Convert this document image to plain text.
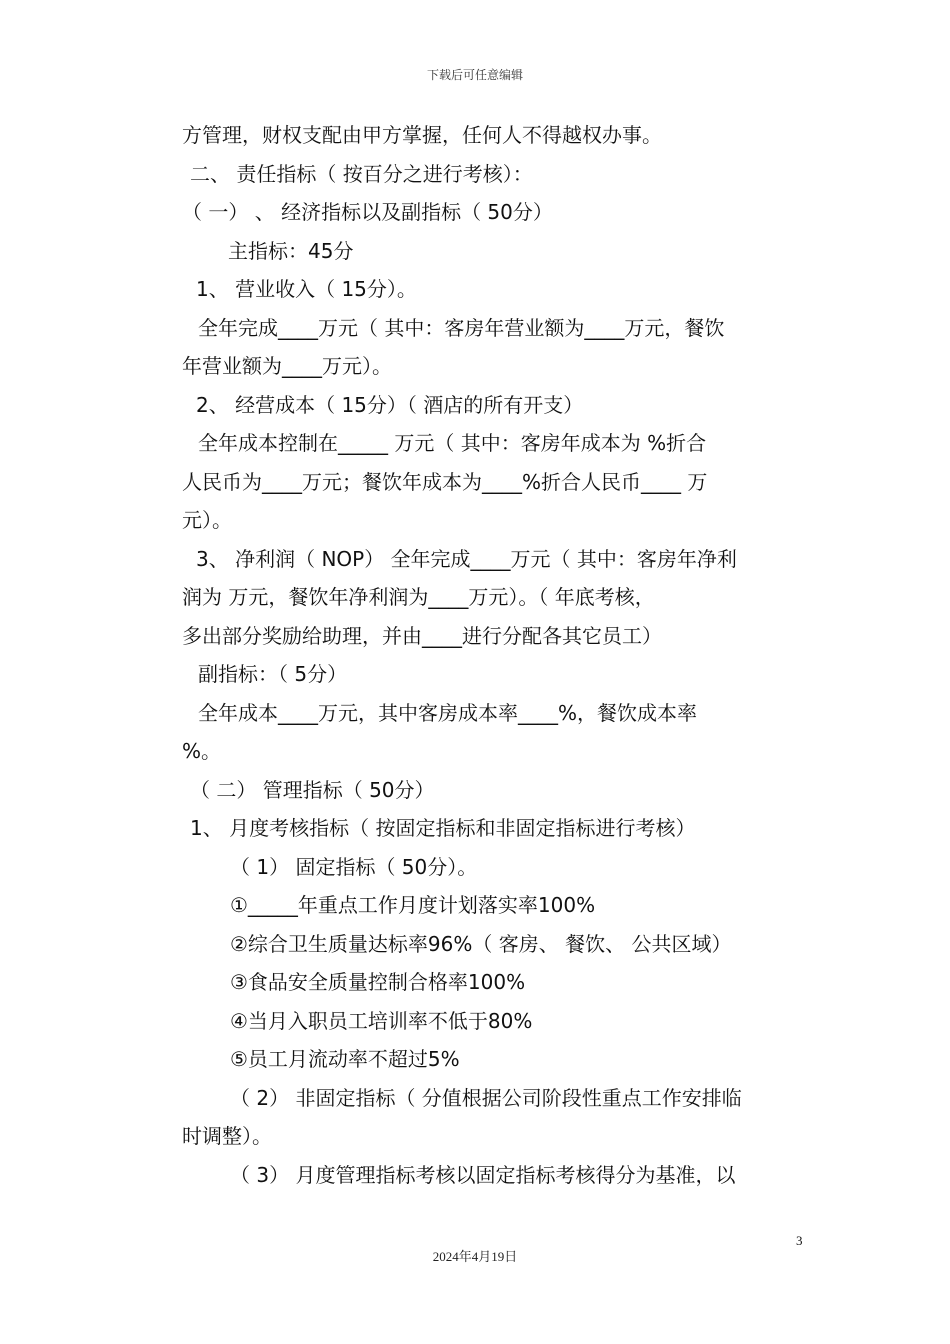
下载后可任意编辑
方管理，财权支配由甲方掌握，任何人不得越权办事。
二、 责任指标（ 按百分之进行考核）：
（ 一） 、 经济指标以及副指标（ 50分）
主指标：45分
1、 营业收入（ 15分）。
全年完成____万元（ 其中：客房年营业额为____万元，餐饮
年营业额为____万元）。
2、 经营成本（ 15分）（ 酒店的所有开支）
全年成本控制在_____ 万元（ 其中：客房年成本为 %折合
人民币为____万元；餐饮年成本为____%折合人民币____ 万
元）。
3、 净利润（ NOP） 全年完成____万元（ 其中：客房年净利
润为 万元，餐饮年净利润为____万元）。（ 年底考核，
多出部分奖励给助理，并由____进行分配各其它员工）
副指标：（ 5分）
全年成本____万元，其中客房成本率____%，餐饮成本率
%。
（ 二） 管理指标（ 50分）
1、 月度考核指标（ 按固定指标和非固定指标进行考核）
（ 1） 固定指标（ 50分）。
①_____年重点工作月度计划落实率100%
②综合卫生质量达标率96%（ 客房、 餐饮、 公共区域）
③食品安全质量控制合格率100%
④当月入职员工培训率不低于80%
⑤员工月流动率不超过5%
（ 2） 非固定指标（ 分值根据公司阶段性重点工作安排临
时调整）。
（ 3） 月度管理指标考核以固定指标考核得分为基准，以
3
2024年4月19日
